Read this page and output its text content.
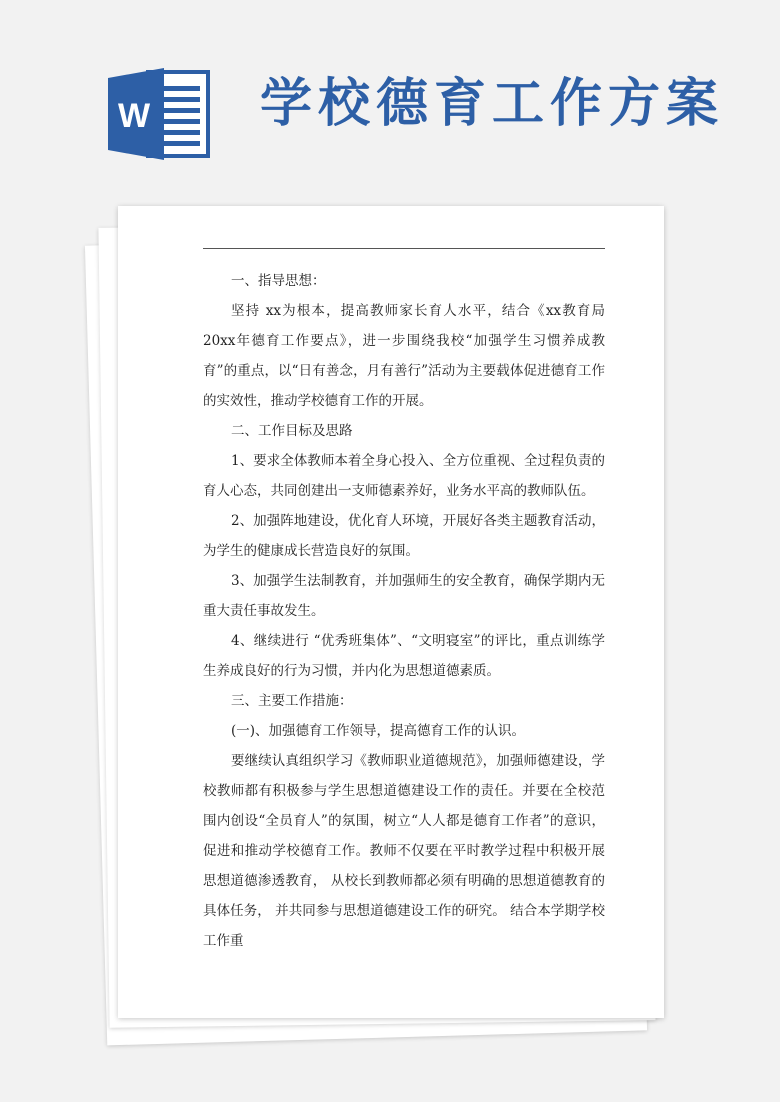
W 学校德育工作方案

一、指导思想：

坚持 xx为根本，提高教师家长育人水平，结合《xx教育局 20xx年德育工作要点》，进一步围绕我校“加强学生习惯养成教育”的重点，以“日有善念，月有善行”活动为主要载体促进德育工作的实效性，推动学校德育工作的开展。

二、工作目标及思路

1、要求全体教师本着全身心投入、全方位重视、全过程负责的育人心态，共同创建出一支师德素养好，业务水平高的教师队伍。

2、加强阵地建设，优化育人环境，开展好各类主题教育活动，为学生的健康成长营造良好的氛围。

3、加强学生法制教育，并加强师生的安全教育，确保学期内无重大责任事故发生。

4、继续进行 “优秀班集体”、“文明寝室”的评比，重点训练学生养成良好的行为习惯，并内化为思想道德素质。

三、主要工作措施：

(一)、加强德育工作领导，提高德育工作的认识。

要继续认真组织学习《教师职业道德规范》，加强师德建设，学校教师都有积极参与学生思想道德建设工作的责任。并要在全校范围内创设“全员育人”的氛围，树立“人人都是德育工作者”的意识，促进和推动学校德育工作。教师不仅要在平时教学过程中积极开展思想道德渗透教育， 从校长到教师都必须有明确的思想道德教育的具体任务， 并共同参与思想道德建设工作的研究。 结合本学期学校工作重
